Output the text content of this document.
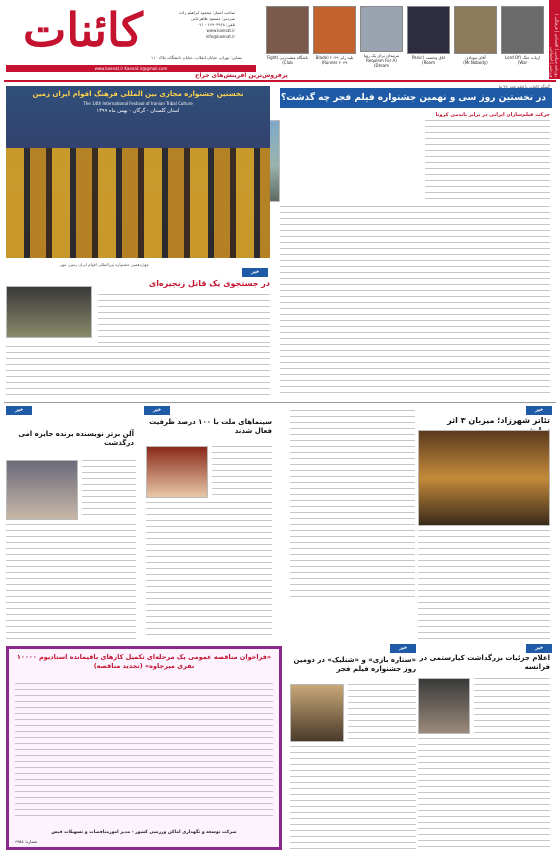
روزنامه سیاسی | اقتصادی | فرهنگی | ورزشی | اجتماعی
کائنات	صاحب امتیاز: محمود ابراهیم زاده
سردبیر: مسعود ظاهرخانی
تلفن: ۶۶۹۰۳۹۶۸ - ۰۲۱
www.kaenat.ir
info@kaenat.ir
نشانی: تهران، خیابان انقلاب، خیابان دانشگاه، پلاک ۱۱۰
www.kaenat.ir Kaenat.ir@gmail.com
ارباب جنگ (Lord Of War)
آقای نیوبادی (Mr.Nobody)
اتاق وحشت (Panic Room)
مرثیه‌ای برای یک رویا (Requiem For A Dream)
بلید رانر ۲۰۴۹ (Blade Runner ۲۰۴۹)
باشگاه مشت‌زنی (Fight Club)
پرفروش‌ترین آفرینش‌های جراح
در نخستین روز سی و نهمین جشنواره فیلم فجر چه گذشت؟
گفتگو کائنات با فیلم فجر ۳۸ ما
حرکت فیلم‌سازان ایرانی در برابر پاندمی کرونا
نخستین جشنواره مجازی بین المللی فرهنگ اقوام ایران زمین
The 14th International Festival of Iranian Tribal Culture
استان گلستان - گرگان - بهمن ماه ۱۳۹۹
چهاردهمین جشنواره بین‌المللی اقوام ایران زمین، مهر
خبر
در جستجوی یک قاتل زنجیره‌ای
خبر
تئاتر شهرزاد؛ میزبان ۳ اثر
خبر
آلن برتز نویسنده برنده جایزه امی درگذشت
خبر
سینماهای ملت با ۱۰۰ درصد ظرفیت فعال شدند
خبر
اعلام جزئیات بزرگداشت کیارستمی در فرانسه
خبر
«ستاره بازی» و «شنلیک» در دومین روز جشنواره فیلم فجر
«فراخوان مناقصه عمومی یک مرحله‌ای تکمیل کارهای باقیمانده استادیوم ۱۰۰۰۰ نفری میرجاوه» (تجدید مناقصه)
شرکت توسعه و نگهداری اماکن ورزشی کشور - مدیر امورمناقصات و تسهیلات قیس
شماره: ۶۹۵۸
